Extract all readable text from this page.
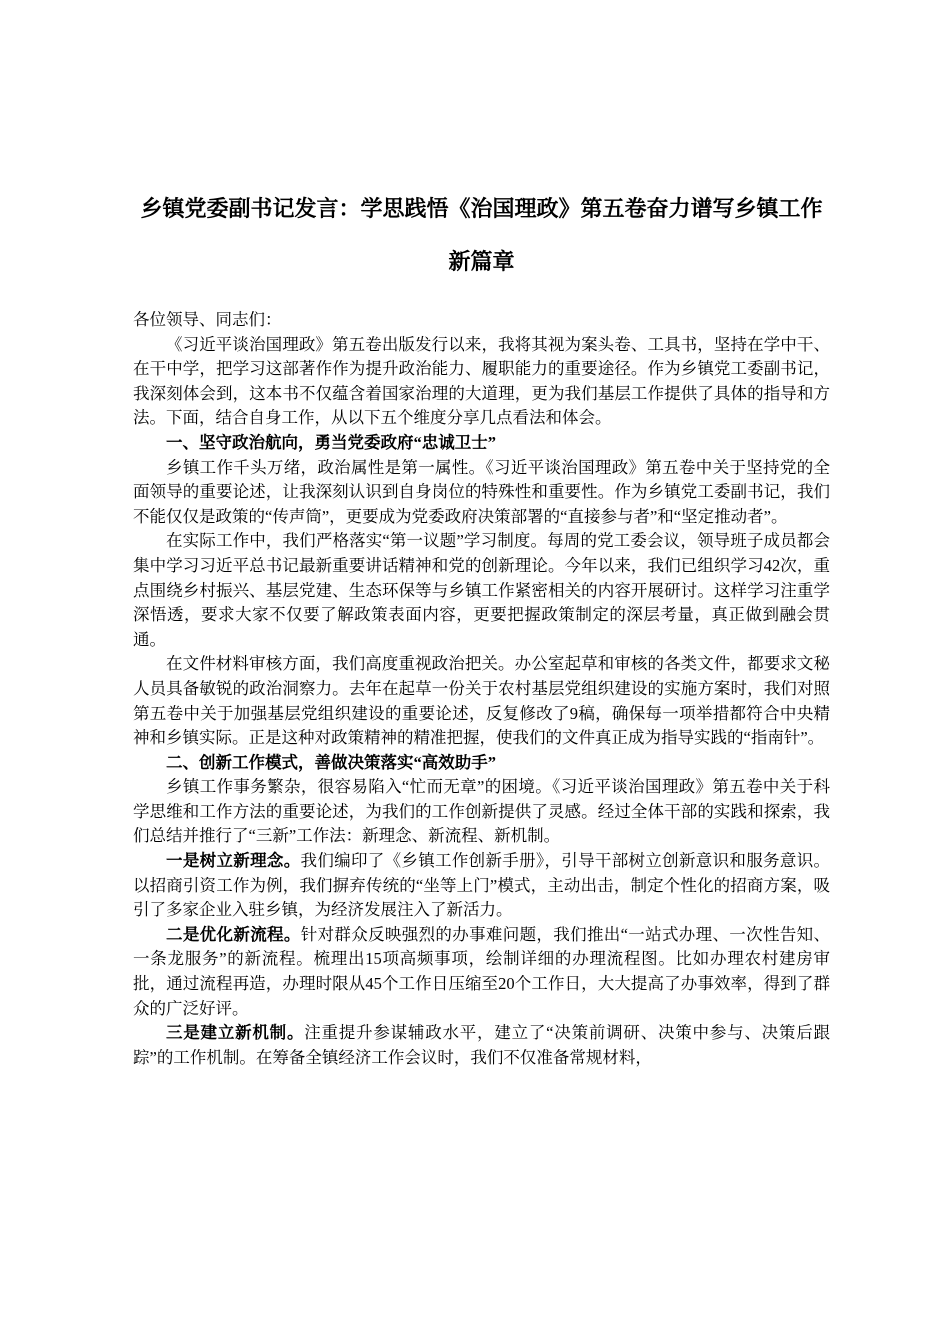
乡镇党委副书记发言：学思践悟《治国理政》第五卷奋力谱写乡镇工作
新篇章

各位领导、同志们：

《习近平谈治国理政》第五卷出版发行以来，我将其视为案头卷、工具书，坚持在学中干、在干中学，把学习这部著作作为提升政治能力、履职能力的重要途径。作为乡镇党工委副书记，我深刻体会到，这本书不仅蕴含着国家治理的大道理，更为我们基层工作提供了具体的指导和方法。下面，结合自身工作，从以下五个维度分享几点看法和体会。

一、坚守政治航向，勇当党委政府“忠诚卫士”

乡镇工作千头万绪，政治属性是第一属性。《习近平谈治国理政》第五卷中关于坚持党的全面领导的重要论述，让我深刻认识到自身岗位的特殊性和重要性。作为乡镇党工委副书记，我们不能仅仅是政策的“传声筒”，更要成为党委政府决策部署的“直接参与者”和“坚定推动者”。

在实际工作中，我们严格落实“第一议题”学习制度。每周的党工委会议，领导班子成员都会集中学习习近平总书记最新重要讲话精神和党的创新理论。今年以来，我们已组织学习42次，重点围绕乡村振兴、基层党建、生态环保等与乡镇工作紧密相关的内容开展研讨。这样学习注重学深悟透，要求大家不仅要了解政策表面内容，更要把握政策制定的深层考量，真正做到融会贯通。

在文件材料审核方面，我们高度重视政治把关。办公室起草和审核的各类文件，都要求文秘人员具备敏锐的政治洞察力。去年在起草一份关于农村基层党组织建设的实施方案时，我们对照第五卷中关于加强基层党组织建设的重要论述，反复修改了9稿，确保每一项举措都符合中央精神和乡镇实际。正是这种对政策精神的精准把握，使我们的文件真正成为指导实践的“指南针”。

二、创新工作模式，善做决策落实“高效助手”

乡镇工作事务繁杂，很容易陷入“忙而无章”的困境。《习近平谈治国理政》第五卷中关于科学思维和工作方法的重要论述，为我们的工作创新提供了灵感。经过全体干部的实践和探索，我们总结并推行了“三新”工作法：新理念、新流程、新机制。

一是树立新理念。我们编印了《乡镇工作创新手册》，引导干部树立创新意识和服务意识。以招商引资工作为例，我们摒弃传统的“坐等上门”模式，主动出击，制定个性化的招商方案，吸引了多家企业入驻乡镇，为经济发展注入了新活力。

二是优化新流程。针对群众反映强烈的办事难问题，我们推出“一站式办理、一次性告知、一条龙服务”的新流程。梳理出15项高频事项，绘制详细的办理流程图。比如办理农村建房审批，通过流程再造，办理时限从45个工作日压缩至20个工作日，大大提高了办事效率，得到了群众的广泛好评。

三是建立新机制。注重提升参谋辅政水平，建立了“决策前调研、决策中参与、决策后跟踪”的工作机制。在筹备全镇经济工作会议时，我们不仅准备常规材料，
